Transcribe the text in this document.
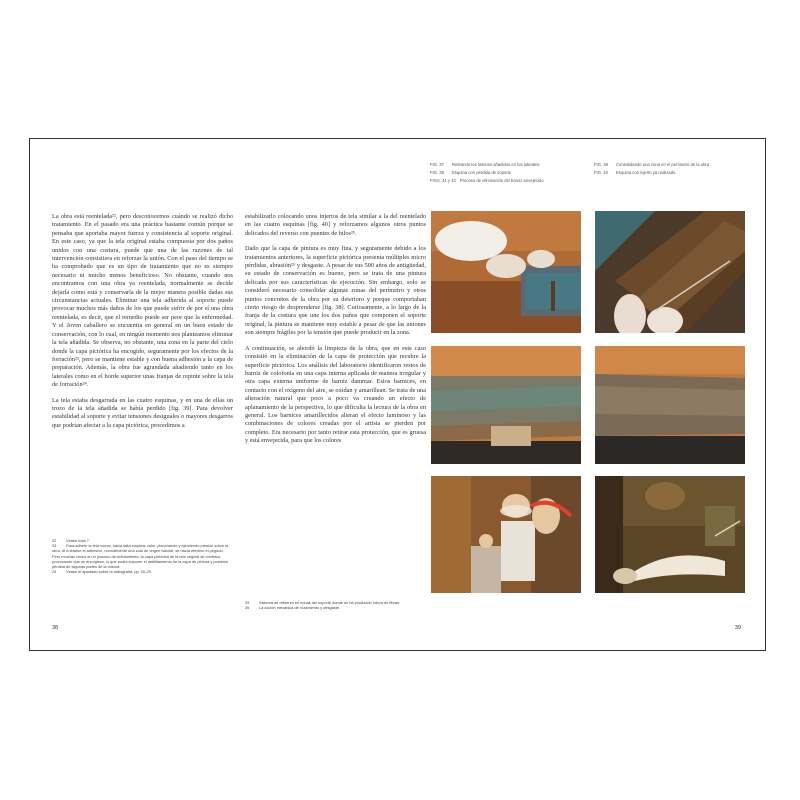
La obra está reentelada²², pero desconocemos cuándo se realizó dicho tratamiento. En el pasado era una práctica bastante común porque se pensaba que aportaba mayor fuerza y consistencia al soporte original. En este caso, ya que la tela original estaba compuesta por dos paños unidos con una costura, puede que una de las razones de tal intervención consistiera en reforzar la unión. Con el paso del tiempo se ha comprobado que es un tipo de tratamiento que no es siempre necesario ni mucho menos beneficioso. No obstante, cuando nos encontramos con una obra ya reentelada, normalmente se decide dejarla como está y conservarla de la mejor manera posible dadas sus circunstancias actuales. Eliminar una tela adherida al soporte puede provocar muchos más daños de los que puede sufrir de por sí una obra reentelada, es decir, que el remedio puede ser peor que la enfermedad. Y el Joven caballero se encuentra en general en un buen estado de conservación, con lo cual, en ningún momento nos planteamos eliminar la tela añadida. Se observa, no obstante, una zona en la parte del cielo donde la capa pictórica ha encogido, seguramente por los efectos de la forración²³, pero se mantiene estable y con buena adhesión a la capa de preparación. Además, la obra fue agrandada añadiendo tanto en los laterales como en el borde superior unas franjas de repinte sobre la tela de forración²⁴.

La tela estaba desgarrada en las cuatro esquinas, y en una de ellas un trozo de la tela añadida se había perdido [fig. 39]. Para devolver estabilidad al soporte y evitar tensiones desiguales o mayores desgarros que podrían afectar a la capa pictórica, procedimos a

estabilizarlo colocando unos injertos de tela similar a la del reentelado en las cuatro esquinas [fig. 40] y reforzamos algunos otros puntos delicados del reverso con puentes de hilos²⁵.

Dado que la capa de pintura es muy fina, y seguramente debido a los tratamientos anteriores, la superficie pictórica presenta múltiples micro pérdidas, abrasión²⁶ y desgaste. A pesar de sus 500 años de antigüedad, su estado de conservación es bueno, pero se trata de una pintura delicada por sus características de ejecución. Sin embargo, solo se consideró necesario consolidar algunas zonas del perímetro y otros puntos concretos de la obra por su deterioro y porque comportaban cierto riesgo de desprenderse [fig. 38]. Curiosamente, a lo largo de la franja de la costura que une los dos paños que componen el soporte original, la pintura se mantiene muy estable a pesar de que las uniones son siempre frágiles por la tensión que puede producir en la zona.

A continuación, se abordó la limpieza de la obra, que en este caso consistió en la eliminación de la capa de protección que recubre la superficie pictórica. Los análisis del laboratorio identificaron restos de barniz de colofonia en una capa interna aplicada de manera irregular y otra capa externa uniforme de barniz dammar. Estos barnices, en contacto con el oxígeno del aire, se oxidan y amarillean. Se trata de una alteración natural que poco a poco va creando un efecto de aplanamiento de la perspectiva, lo que dificulta la lectura de la obra en general. Los barnices amarillecidos alteran el efecto luminoso y las combinaciones de colores creadas por el artista se pierden por completo. Era necesario por tanto retirar esta protección, que es gruesa y está envejecida, para que los colores

22 Véase nota 7.
23 Para adherir la tela nueva, hacía falta emplear calor, planchando y ejerciendo presión sobre la obra. Al enfriarse el adhesivo, normalmente una cola de origen natural, se hacía efectivo el pegado. Pero muchas veces en el proceso de enfriamiento, la capa pictórica de la tela original se contraía, provocando que se encogiese, lo que podía suponer el debilitamiento de la capa de pintura y posterior pérdida de algunas partes de la misma.
24 Véase el apartado sobre la radiografía, pp. 20-29.
25 Sistema de refuerzo en zonas del soporte donde se ha producido rotura de fibras.
26 La acción mecánica de rozamiento y desgaste.
38	39
FIG. 37 Retirando los listones añadidos en los laterales
FIG. 39 Esquina con pérdida de soporte
FIGS. 41 y 42 Proceso de eliminación del barniz envejecido
FIG. 38 Consolidando una zona en el perímetro de la obra
FIG. 40 Esquina con injerto ya realizado
